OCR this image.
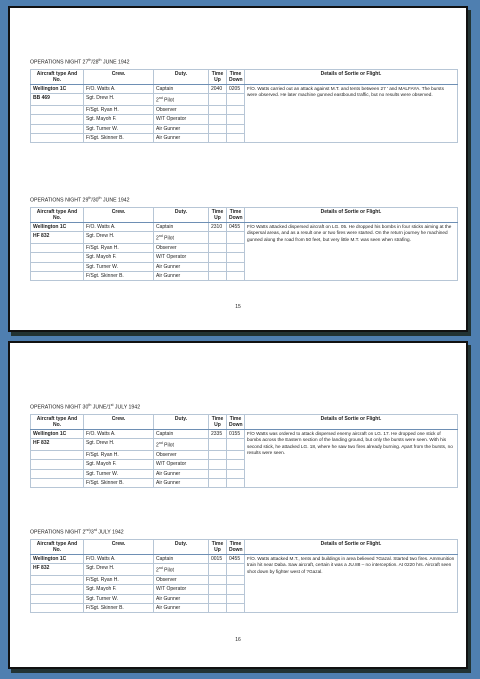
OPERATIONS NIGHT 27th/28th JUNE 1942
Aircraft type And No.	Crew.	Duty.	Time Up	Time Down	Details of Sortie or Flight.
Wellington 1C	F/O. Watts A.	Captain	2040	0205	F/O. Watts carried out an attack against M.T. and tents between 27 ' and MALFAYA. The bursts were observed. He later machine gunned eastbound traffic, but no results were observed.
BB 469	Sgt. Drew H.	2nd Pilot			
	F/Sgt. Ryan H.	Observer			
	Sgt. Mayoh F.	W/T Operator			
	Sgt. Turner W.	Air Gunner			
	F/Sgt. Skinner B.	Air Gunner			
OPERATIONS NIGHT 29th/30th JUNE 1942
Aircraft type And No.	Crew.	Duty.	Time Up	Time Down	Details of Sortie or Flight.
Wellington 1C	F/O. Watts A.	Captain	2310	0455	F/O Watts attacked dispersed aircraft on LG. 05. He dropped his bombs in four sticks aiming at the dispersal areas, and as a result one or two fires were started. On the return journey he machined gunned along the road from 50 feet, but very little M.T. was seen when strafing.
HF 832	Sgt. Drew H.	2nd Pilot			
	F/Sgt. Ryan H.	Observer			
	Sgt. Mayoh F.	W/T Operator			
	Sgt. Turner W.	Air Gunner			
	F/Sgt. Skinner B.	Air Gunner			
15
OPERATIONS NIGHT 30th JUNE/1st JULY 1942
Aircraft type And No.	Crew.	Duty.	Time Up	Time Down	Details of Sortie or Flight.
Wellington 1C	F/O. Watts A.	Captain	2335	0155	F/O Watts was ordered to attack dispersed enemy aircraft on LG. 17. He dropped one stick of bombs across the Eastern section of the landing ground, but only the bursts were seen. With his second stick, he attacked LG. 18, where he saw two fires already burning. Apart from the bursts, no results were seen.
HF 832	Sgt. Drew H.	2nd Pilot			
	F/Sgt. Ryan H.	Observer			
	Sgt. Mayoh F.	W/T Operator			
	Sgt. Turner W.	Air Gunner			
	F/Sgt. Skinner B.	Air Gunner			
OPERATIONS NIGHT 2nd/3rd JULY 1942
Aircraft type And No.	Crew.	Duty.	Time Up	Time Down	Details of Sortie or Flight.
Wellington 1C	F/O. Watts A.	Captain	0015	0455	F/O. Watts attacked M.T., tents and buildings in area believed ?Gazal. Started two fires. Ammunition train hit near Daba. Saw aircraft, certain it was a JU.88 – no interception. At 0220 hrs. Aircraft seen shot down by fighter west of ?Gazal.
HF 832	Sgt. Drew H.	2nd Pilot			
	F/Sgt. Ryan H.	Observer			
	Sgt. Mayoh F.	W/T Operator			
	Sgt. Turner W.	Air Gunner			
	F/Sgt. Skinner B.	Air Gunner			
16
